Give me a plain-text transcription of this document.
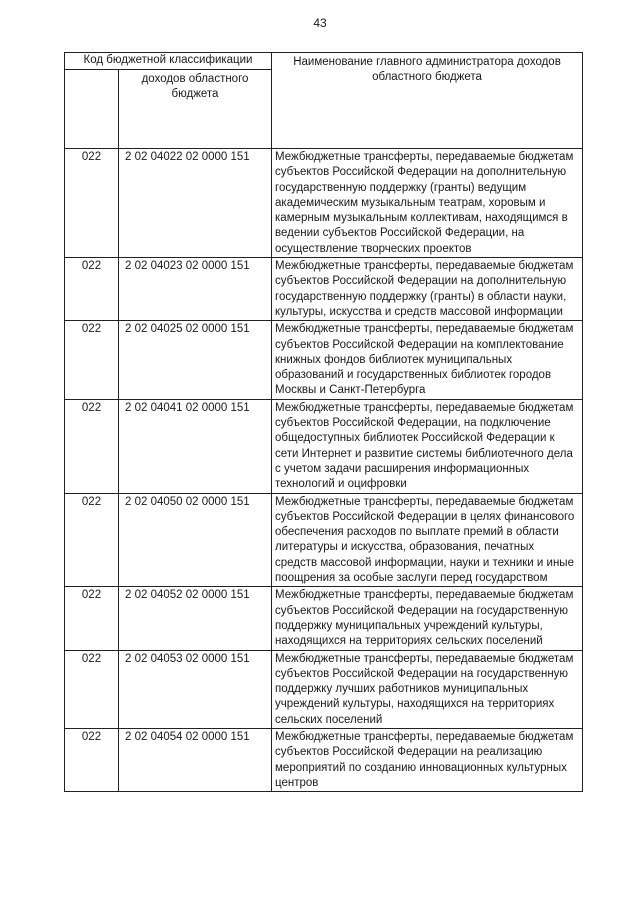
43
Код бюджетной классификации		Наименование главного администратора доходов областного бюджета
	доходов областного бюджета	
022	2 02 04022 02 0000 151	Межбюджетные трансферты, передаваемые бюджетам субъектов Российской Федерации на дополнительную государственную поддержку (гранты) ведущим академическим музыкальным театрам, хоровым и камерным музыкальным коллективам, находящимся в ведении субъектов Российской Федерации, на осуществление творческих проектов
022	2 02 04023 02 0000 151	Межбюджетные трансферты, передаваемые бюджетам субъектов Российской Федерации на дополнительную государственную поддержку (гранты) в области науки, культуры, искусства и средств массовой информации
022	2 02 04025 02 0000 151	Межбюджетные трансферты, передаваемые бюджетам субъектов Российской Федерации на комплектование книжных фондов библиотек муниципальных образований и государственных библиотек городов Москвы и Санкт-Петербурга
022	2 02 04041 02 0000 151	Межбюджетные трансферты, передаваемые бюджетам субъектов Российской Федерации, на подключение общедоступных библиотек Российской Федерации к сети Интернет и развитие системы библиотечного дела с учетом задачи расширения информационных технологий и оцифровки
022	2 02 04050 02 0000 151	Межбюджетные трансферты, передаваемые бюджетам субъектов Российской Федерации в целях финансового обеспечения расходов по выплате премий в области литературы и искусства, образования, печатных средств массовой информации, науки и техники и иные поощрения за особые заслуги перед государством
022	2 02 04052 02 0000 151	Межбюджетные трансферты, передаваемые бюджетам субъектов Российской Федерации на государственную поддержку муниципальных учреждений культуры, находящихся на территориях сельских поселений
022	2 02 04053 02 0000 151	Межбюджетные трансферты, передаваемые бюджетам субъектов Российской Федерации на государственную поддержку лучших работников муниципальных учреждений культуры, находящихся на территориях сельских поселений
022	2 02 04054 02 0000 151	Межбюджетные трансферты, передаваемые бюджетам субъектов Российской Федерации на реализацию мероприятий по созданию инновационных культурных центров
